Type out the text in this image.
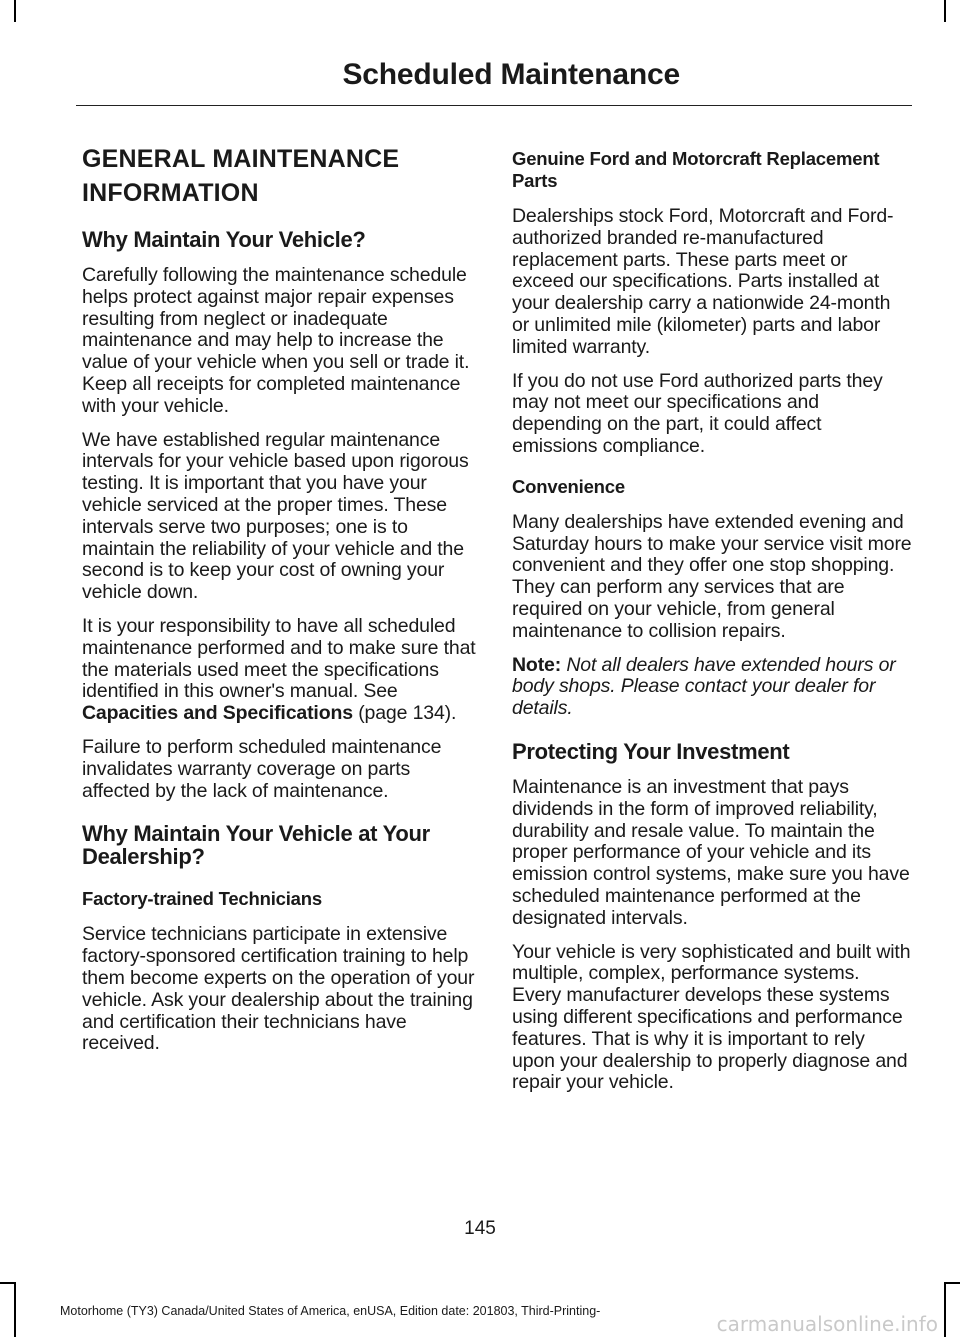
Scheduled Maintenance
GENERAL MAINTENANCE
INFORMATION
Why Maintain Your Vehicle?

Carefully following the maintenance schedule helps protect against major repair expenses resulting from neglect or inadequate maintenance and may help to increase the value of your vehicle when you sell or trade it. Keep all receipts for completed maintenance with your vehicle.

We have established regular maintenance intervals for your vehicle based upon rigorous testing. It is important that you have your vehicle serviced at the proper times. These intervals serve two purposes; one is to maintain the reliability of your vehicle and the second is to keep your cost of owning your vehicle down.

It is your responsibility to have all scheduled maintenance performed and to make sure that the materials used meet the specifications identified in this owner's manual. See Capacities and Specifications (page 134).

Failure to perform scheduled maintenance invalidates warranty coverage on parts affected by the lack of maintenance.

Why Maintain Your Vehicle at Your Dealership?
Factory-trained Technicians

Service technicians participate in extensive factory-sponsored certification training to help them become experts on the operation of your vehicle. Ask your dealership about the training and certification their technicians have received.

Genuine Ford and Motorcraft Replacement Parts

Dealerships stock Ford, Motorcraft and Ford-authorized branded re-manufactured replacement parts. These parts meet or exceed our specifications. Parts installed at your dealership carry a nationwide 24-month or unlimited mile (kilometer) parts and labor limited warranty.

If you do not use Ford authorized parts they may not meet our specifications and depending on the part, it could affect emissions compliance.

Convenience

Many dealerships have extended evening and Saturday hours to make your service visit more convenient and they offer one stop shopping. They can perform any services that are required on your vehicle, from general maintenance to collision repairs.

Note: Not all dealers have extended hours or body shops. Please contact your dealer for details.

Protecting Your Investment

Maintenance is an investment that pays dividends in the form of improved reliability, durability and resale value. To maintain the proper performance of your vehicle and its emission control systems, make sure you have scheduled maintenance performed at the designated intervals.

Your vehicle is very sophisticated and built with multiple, complex, performance systems. Every manufacturer develops these systems using different specifications and performance features. That is why it is important to rely upon your dealership to properly diagnose and repair your vehicle.

145
Motorhome (TY3) Canada/United States of America, enUSA, Edition date: 201803, Third-Printing-
carmanualsonline.info
